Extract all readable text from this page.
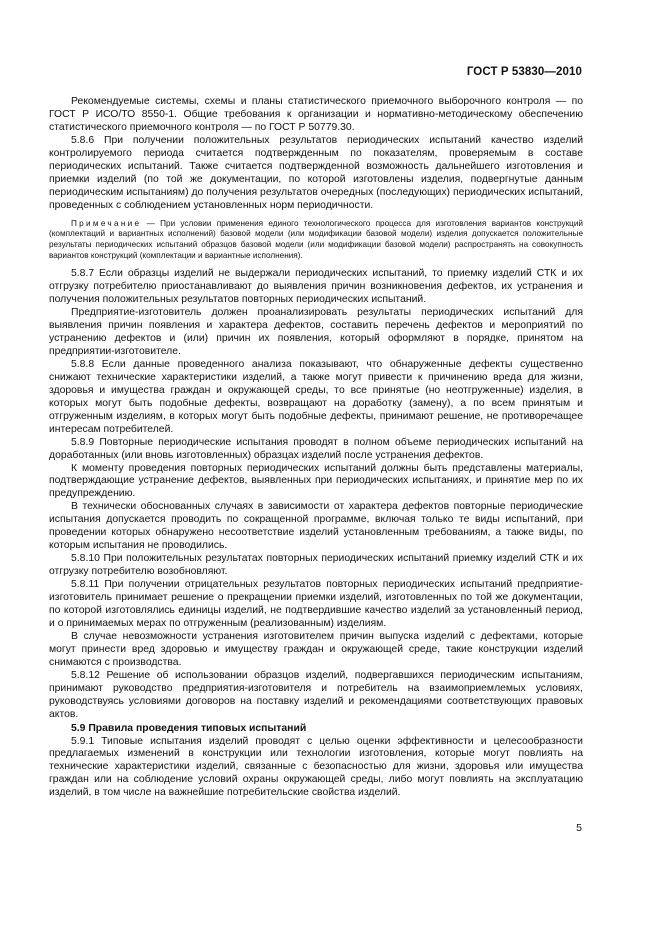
ГОСТ Р 53830—2010

Рекомендуемые системы, схемы и планы статистического приемочного выборочного контроля — по ГОСТ Р ИСО/ТО 8550-1. Общие требования к организации и нормативно-методическому обеспечению статистического приемочного контроля — по ГОСТ Р 50779.30.

5.8.6 При получении положительных результатов периодических испытаний качество изделий контролируемого периода считается подтвержденным по показателям, проверяемым в составе периодических испытаний. Также считается подтвержденной возможность дальнейшего изготовления и приемки изделий (по той же документации, по которой изготовлены изделия, подвергнутые данным периодическим испытаниям) до получения результатов очередных (последующих) периодических испытаний, проведенных с соблюдением установленных норм периодичности.

Примечание — При условии применения единого технологического процесса для изготовления вариантов конструкций (комплектаций и вариантных исполнений) базовой модели (или модификации базовой модели) изделия допускается положительные результаты периодических испытаний образцов базовой модели (или модификации базовой модели) распространять на совокупность вариантов конструкций (комплектации и вариантные исполнения).

5.8.7 Если образцы изделий не выдержали периодических испытаний, то приемку изделий СТК и их отгрузку потребителю приостанавливают до выявления причин возникновения дефектов, их устранения и получения положительных результатов повторных периодических испытаний.

Предприятие-изготовитель должен проанализировать результаты периодических испытаний для выявления причин появления и характера дефектов, составить перечень дефектов и мероприятий по устранению дефектов и (или) причин их появления, который оформляют в порядке, принятом на предприятии-изготовителе.

5.8.8 Если данные проведенного анализа показывают, что обнаруженные дефекты существенно снижают технические характеристики изделий, а также могут привести к причинению вреда для жизни, здоровья и имущества граждан и окружающей среды, то все принятые (но неотгруженные) изделия, в которых могут быть подобные дефекты, возвращают на доработку (замену), а по всем принятым и отгруженным изделиям, в которых могут быть подобные дефекты, принимают решение, не противоречащее интересам потребителей.

5.8.9 Повторные периодические испытания проводят в полном объеме периодических испытаний на доработанных (или вновь изготовленных) образцах изделий после устранения дефектов.

К моменту проведения повторных периодических испытаний должны быть представлены материалы, подтверждающие устранение дефектов, выявленных при периодических испытаниях, и принятие мер по их предупреждению.

В технически обоснованных случаях в зависимости от характера дефектов повторные периодические испытания допускается проводить по сокращенной программе, включая только те виды испытаний, при проведении которых обнаружено несоответствие изделий установленным требованиям, а также виды, по которым испытания не проводились.

5.8.10 При положительных результатах повторных периодических испытаний приемку изделий СТК и их отгрузку потребителю возобновляют.

5.8.11 При получении отрицательных результатов повторных периодических испытаний предприятие-изготовитель принимает решение о прекращении приемки изделий, изготовленных по той же документации, по которой изготовлялись единицы изделий, не подтвердившие качество изделий за установленный период, и о принимаемых мерах по отгруженным (реализованным) изделиям.

В случае невозможности устранения изготовителем причин выпуска изделий с дефектами, которые могут принести вред здоровью и имуществу граждан и окружающей среде, такие конструкции изделий снимаются с производства.

5.8.12 Решение об использовании образцов изделий, подвергавшихся периодическим испытаниям, принимают руководство предприятия-изготовителя и потребитель на взаимоприемлемых условиях, руководствуясь условиями договоров на поставку изделий и рекомендациями соответствующих правовых актов.

5.9 Правила проведения типовых испытаний

5.9.1 Типовые испытания изделий проводят с целью оценки эффективности и целесообразности предлагаемых изменений в конструкции или технологии изготовления, которые могут повлиять на технические характеристики изделий, связанные с безопасностью для жизни, здоровья или имущества граждан или на соблюдение условий охраны окружающей среды, либо могут повлиять на эксплуатацию изделий, в том числе на важнейшие потребительские свойства изделий.

5
